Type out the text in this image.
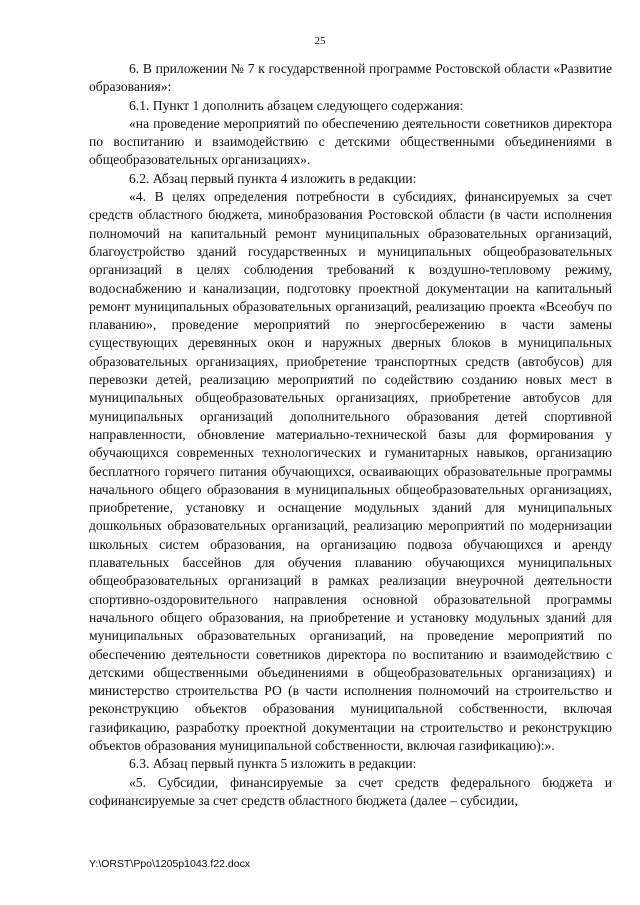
25

6. В приложении № 7 к государственной программе Ростовской области «Развитие образования»:

6.1. Пункт 1 дополнить абзацем следующего содержания:

«на проведение мероприятий по обеспечению деятельности советников директора по воспитанию и взаимодействию с детскими общественными объединениями в общеобразовательных организациях».

6.2. Абзац первый пункта 4 изложить в редакции:

«4. В целях определения потребности в субсидиях, финансируемых за счет средств областного бюджета, минобразования Ростовской области (в части исполнения полномочий на капитальный ремонт муниципальных образовательных организаций, благоустройство зданий государственных и муниципальных общеобразовательных организаций в целях соблюдения требований к воздушно-тепловому режиму, водоснабжению и канализации, подготовку проектной документации на капитальный ремонт муниципальных образовательных организаций, реализацию проекта «Всеобуч по плаванию», проведение мероприятий по энергосбережению в части замены существующих деревянных окон и наружных дверных блоков в муниципальных образовательных организациях, приобретение транспортных средств (автобусов) для перевозки детей, реализацию мероприятий по содействию созданию новых мест в муниципальных общеобразовательных организациях, приобретение автобусов для муниципальных организаций дополнительного образования детей спортивной направленности, обновление материально-технической базы для формирования у обучающихся современных технологических и гуманитарных навыков, организацию бесплатного горячего питания обучающихся, осваивающих образовательные программы начального общего образования в муниципальных общеобразовательных организациях, приобретение, установку и оснащение модульных зданий для муниципальных дошкольных образовательных организаций, реализацию мероприятий по модернизации школьных систем образования, на организацию подвоза обучающихся и аренду плавательных бассейнов для обучения плаванию обучающихся муниципальных общеобразовательных организаций в рамках реализации внеурочной деятельности спортивно-оздоровительного направления основной образовательной программы начального общего образования, на приобретение и установку модульных зданий для муниципальных образовательных организаций, на проведение мероприятий по обеспечению деятельности советников директора по воспитанию и взаимодействию с детскими общественными объединениями в общеобразовательных организациях) и министерство строительства РО (в части исполнения полномочий на строительство и реконструкцию объектов образования муниципальной собственности, включая газификацию, разработку проектной документации на строительство и реконструкцию объектов образования муниципальной собственности, включая газификацию):».

6.3. Абзац первый пункта 5 изложить в редакции:

«5. Субсидии, финансируемые за счет средств федерального бюджета и софинансируемые за счет средств областного бюджета (далее – субсидии,

Y:\ORST\Ppo\1205p1043.f22.docx
